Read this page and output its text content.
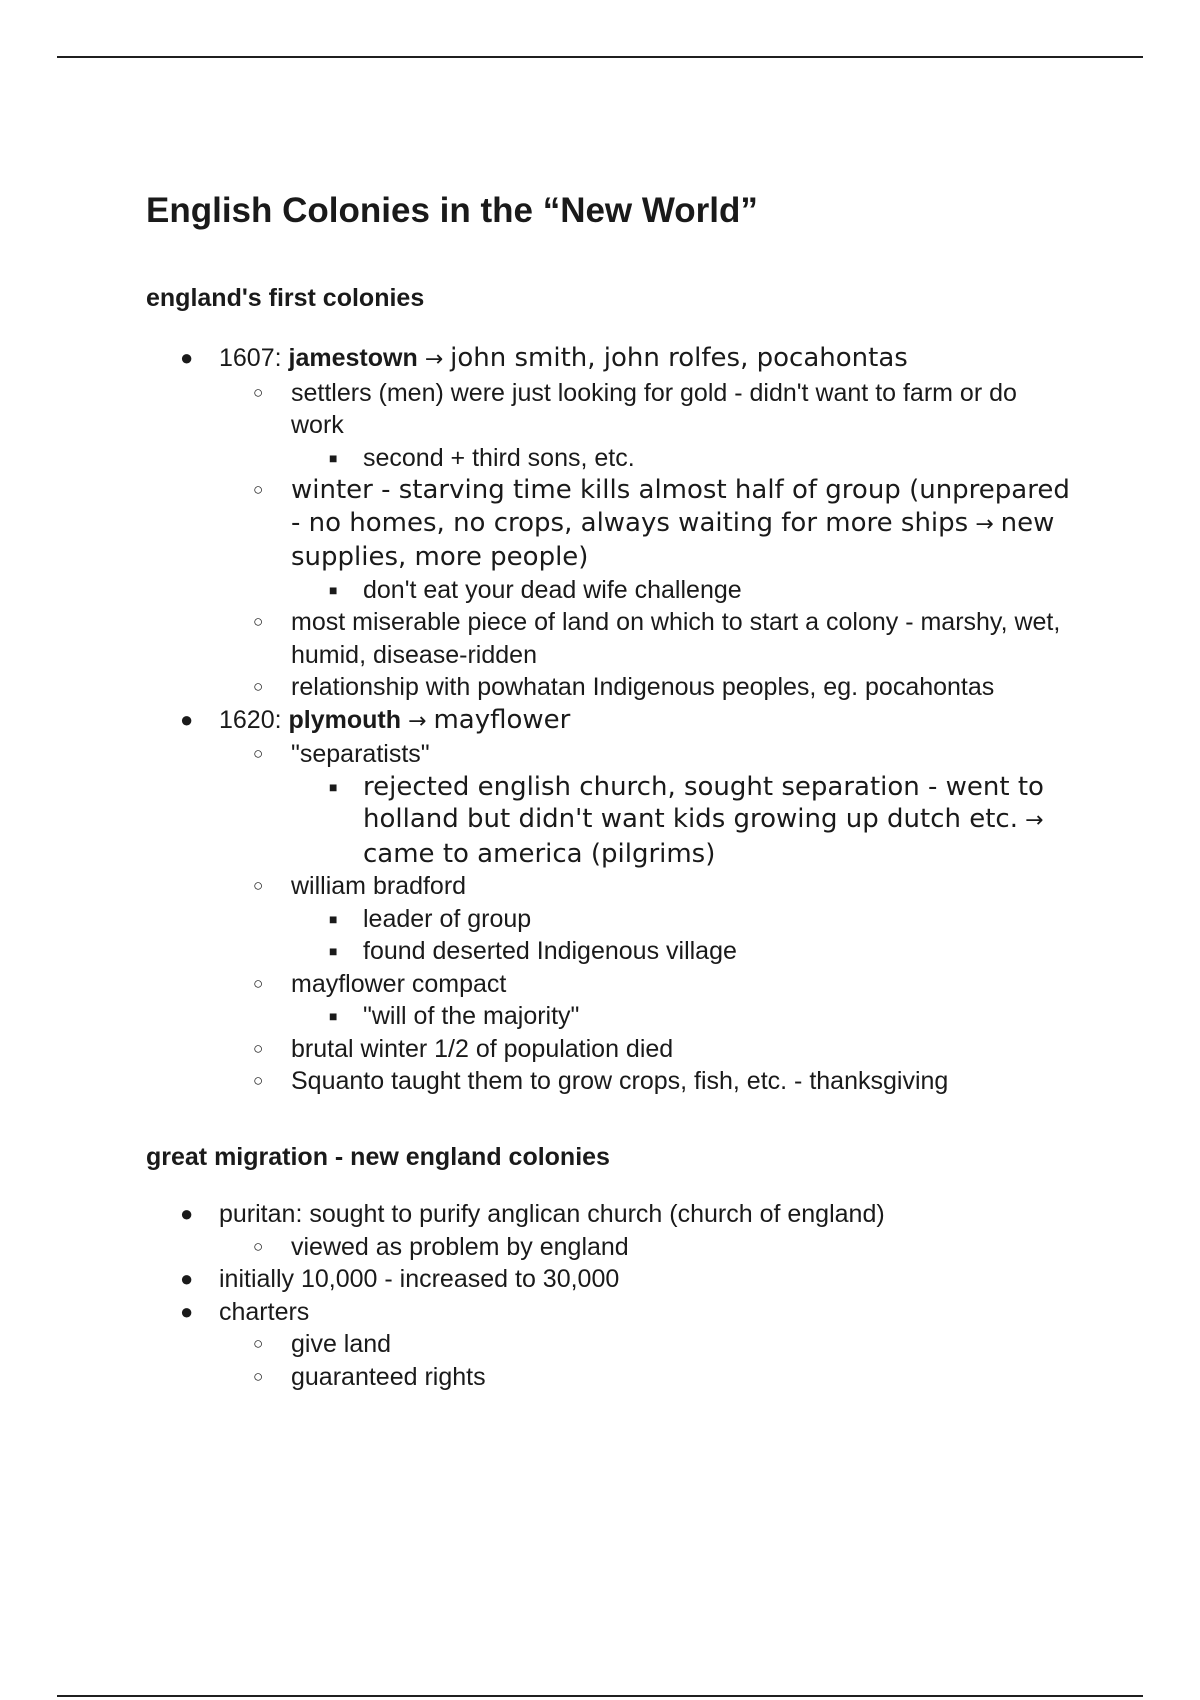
English Colonies in the “New World”
england's first colonies
● 1607: jamestown → john smith, john rolfes, pocahontas
○ settlers (men) were just looking for gold - didn't want to farm or do work
■ second + third sons, etc.
○ winter - starving time kills almost half of group (unprepared - no homes, no crops, always waiting for more ships → new supplies, more people)
■ don't eat your dead wife challenge
○ most miserable piece of land on which to start a colony - marshy, wet, humid, disease-ridden
○ relationship with powhatan Indigenous peoples, eg. pocahontas
● 1620: plymouth → mayflower
○ "separatists"
■ rejected english church, sought separation - went to holland but didn't want kids growing up dutch etc. → came to america (pilgrims)
○ william bradford
■ leader of group
■ found deserted Indigenous village
○ mayflower compact
■ "will of the majority"
○ brutal winter 1/2 of population died
○ Squanto taught them to grow crops, fish, etc. - thanksgiving
great migration - new england colonies
● puritan: sought to purify anglican church (church of england)
○ viewed as problem by england
● initially 10,000 - increased to 30,000
● charters
○ give land
○ guaranteed rights
